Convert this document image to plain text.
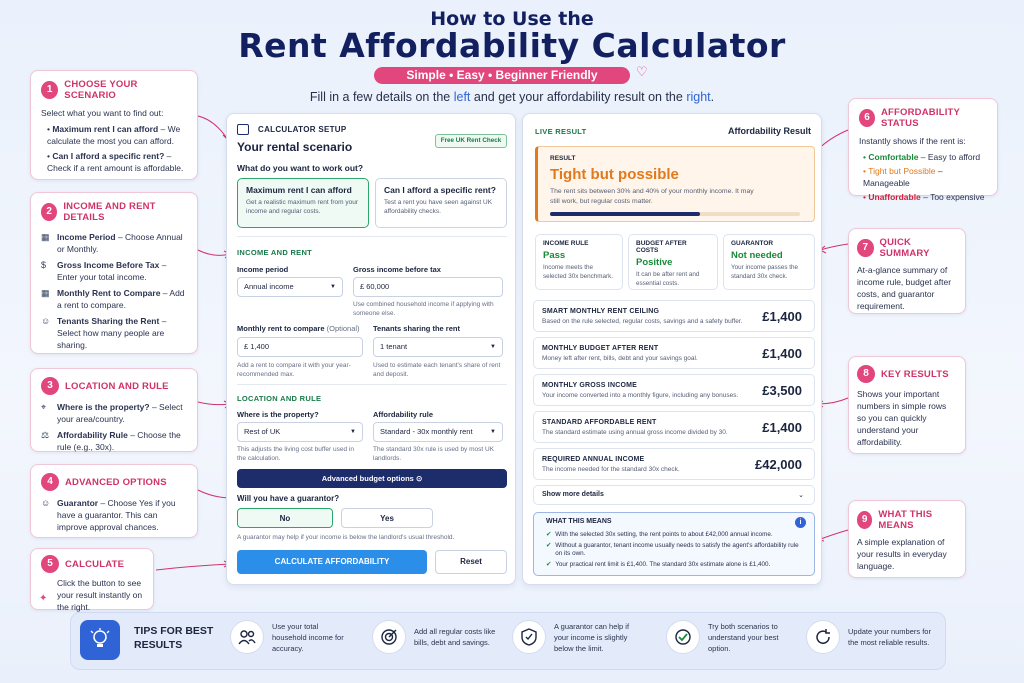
How to Use the
Rent Affordability Calculator
Simple • Easy • Beginner Friendly	♡
Fill in a few details on the left and get your affordability result on the right.
1	CHOOSE YOUR SCENARIO
Select what you want to find out:
• Maximum rent I can afford – We calculate the most you can afford.
• Can I afford a specific rent? – Check if a rent amount is affordable.
2	INCOME AND RENT DETAILS
▦ Income Period – Choose Annual or Monthly.
$	Gross Income Before Tax – Enter your total income.
▦ Monthly Rent to Compare – Add a rent to compare.
☺ Tenants Sharing the Rent – Select how many people are sharing.
3	LOCATION AND RULE
⌖	Where is the property? – Select your area/country.
⚖ Affordability Rule – Choose the rule (e.g., 30x).
4	ADVANCED OPTIONS
☺ Guarantor – Choose Yes if you have a guarantor. This can improve approval chances.
5	CALCULATE
Click the button to see your result instantly on the right.
✦
6	AFFORDABILITY STATUS
Instantly shows if the rent is:
• Comfortable – Easy to afford
• Tight but Possible – Manageable
• Unaffordable – Too expensive
7	QUICK SUMMARY
At-a-glance summary of income rule, budget after costs, and guarantor requirement.
8	KEY RESULTS
Shows your important numbers in simple rows so you can quickly understand your affordability.
9	WHAT THIS MEANS
A simple explanation of your results in everyday language.
CALCULATOR SETUP
Your rental scenario	Free UK Rent Check
What do you want to work out?
Maximum rent I can afford
Get a realistic maximum rent from your income and regular costs.
Can I afford a specific rent?
Test a rent you have seen against UK affordability checks.
INCOME AND RENT
Income period
Annual income	▼
Gross income before tax
£ 60,000
Use combined household income if applying with someone else.
Monthly rent to compare (Optional)
£ 1,400
Add a rent to compare it with your year-recommended max.
Tenants sharing the rent
1 tenant	▼
Used to estimate each tenant's share of rent and deposit.
LOCATION AND RULE
Where is the property?
Rest of UK	▼
This adjusts the living cost buffer used in the calculation.
Affordability rule
Standard - 30x monthly rent	▼
The standard 30x rule is used by most UK landlords.
Advanced budget options ⊙
Will you have a guarantor?
No	Yes
A guarantor may help if your income is below the landlord's usual threshold.
CALCULATE AFFORDABILITY	Reset
LIVE RESULT	Affordability Result
RESULT
Tight but possible
The rent sits between 30% and 40% of your monthly income. It may still work, but regular costs matter.
INCOME RULE
Pass
Income meets the selected 30x benchmark.
BUDGET AFTER COSTS
Positive
It can be after rent and essential costs.
GUARANTOR
Not needed
Your income passes the standard 30x check.
SMART MONTHLY RENT CEILING
Based on the rule selected, regular costs, savings and a safety buffer. £1,400
MONTHLY BUDGET AFTER RENT
Money left after rent, bills, debt and your savings goal.	£1,400
MONTHLY GROSS INCOME
Your income converted into a monthly figure, including any bonuses. £3,500
STANDARD AFFORDABLE RENT
The standard estimate using annual gross income divided by 30.	£1,400
REQUIRED ANNUAL INCOME
The income needed for the standard 30x check.	£42,000
Show more details	⌄
WHAT THIS MEANS	i
✔ With the selected 30x setting, the rent points to about £42,000 annual income.
✔ Without a guarantor, tenant income usually needs to satisfy the agent's affordability rule on its own.
✔ Your practical rent limit is £1,400. The standard 30x estimate alone is £1,400.
TIPS FOR BEST RESULTS
Use your total household income for accuracy.
Add all regular costs like bills, debt and savings.
A guarantor can help if your income is slightly below the limit.
Try both scenarios to understand your best option.
Update your numbers for the most reliable results.
